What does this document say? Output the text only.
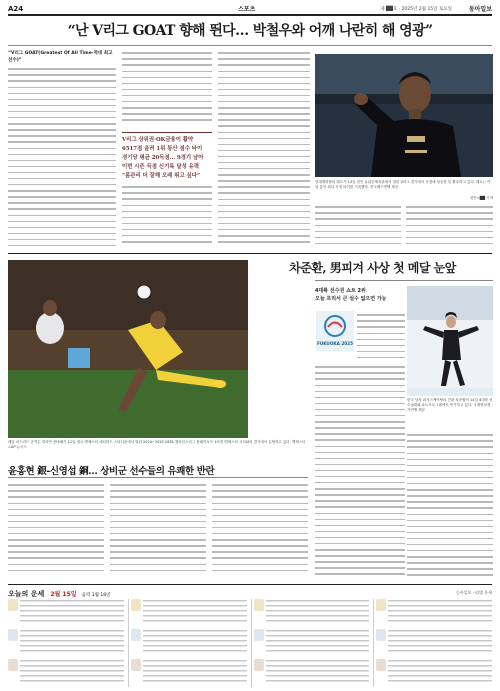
A24	스포츠	제 ██호 · 2025년 2월 15일 토요일	동아일보
“난 V리그 GOAT 향해 뛴다… 박철우와 어깨 나란히 해 영광”
“V리그 GOAT(Greatest Of All Time·역대 최고 선수)”
V리그 상위권·OK금융이 활약
6517점 올려 1위 통산 점수 타이
경기당 평균 20득점… 9경기 남아
이번 시즌 득점 신기록 달성 유력
“몸관리 더 잘해 오래 뛰고 싶다”
현대캐피탈의 레오가 13일 천안 유관순체육관에서 열린 V리그 경기에서 득점에 성공한 뒤 환호하고 있다. 레오는 이날 통산 최다 득점 타이를 기록했다. 한국배구연맹 제공
천안=██ 기자
차준환, 男피겨 사상 첫 메달 눈앞
4대륙 선수권 쇼트 2위
오늘 프리서 큰 실수 없으면 가능
FUKUOKA 2025
한국 남자 피겨스케이팅의 간판 차준환이 14일 4대륙 선수권대회 쇼트프로그램에서 연기하고 있다. 국제빙상경기연맹 제공
레알 마드리드 공격수 킬리안 음바페가 12일 영국 맨체스터 에티하드 스타디움에서 열린 2024~2025 UEFA 챔피언스리그 플레이오프 1차전 맨체스터 시티와의 경기에서 슈팅하고 있다. 맨체스터=AP 뉴시스
윤홍현 銀-신영섭 銅… 상비군 선수들의 유쾌한 반란
오늘의 운세 2월 15일 음력 1월 18일
동아일보 · 띠별 운세
